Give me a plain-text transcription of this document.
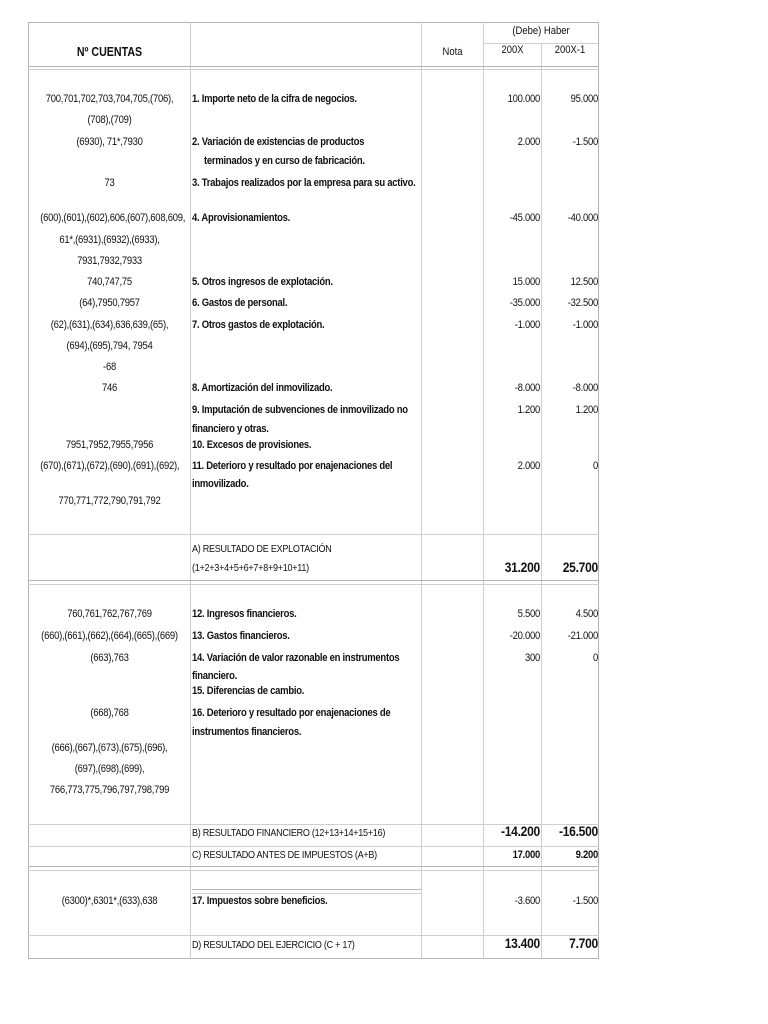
Nº CUENTAS	Nota
(Debe) Haber
200X	200X-1
700,701,702,703,704,705,(706),
(708),(709)
1. Importe neto de la cifra de negocios.	100.000	95.000
(6930), 71*,7930	2. Variación de existencias de productos
terminados y en curso de fabricación.
2.000	-1.500
73	3. Trabajos realizados por la empresa para su activo.
(600),(601),(602),606,(607),608,609,
61*,(6931),(6932),(6933),
7931,7932,7933
4. Aprovisionamientos.	-45.000	-40.000
740,747,75	5. Otros ingresos de explotación.	15.000	12.500
(64),7950,7957	6. Gastos de personal.	-35.000	-32.500
(62),(631),(634),636,639,(65),
(694),(695),794, 7954
-68
7. Otros gastos de explotación.	-1.000	-1.000
746	8. Amortización del inmovilizado.	-8.000	-8.000
9. Imputación de subvenciones de inmovilizado no
financiero y otras.
1.200	1.200
7951,7952,7955,7956	10. Excesos de provisiones.
(670),(671),(672),(690),(691),(692),
770,771,772,790,791,792
11. Deterioro y resultado por enajenaciones del
inmovilizado.
2.000	0
A) RESULTADO DE EXPLOTACIÓN
(1+2+3+4+5+6+7+8+9+10+11)	31.200	25.700
760,761,762,767,769	12. Ingresos financieros.	5.500	4.500
(660),(661),(662),(664),(665),(669) 13. Gastos financieros.	-20.000	-21.000
(663),763	14. Variación de valor razonable en instrumentos
financiero.
300	0
15. Diferencias de cambio.
(668),768	16. Deterioro y resultado por enajenaciones de
instrumentos financieros.
(666),(667),(673),(675),(696),
(697),(698),(699),
766,773,775,796,797,798,799
B) RESULTADO FINANCIERO (12+13+14+15+16)	-14.200	-16.500
C) RESULTADO ANTES DE IMPUESTOS (A+B)	17.000	9.200
(6300)*,6301*,(633),638	17. Impuestos sobre beneficios.	-3.600	-1.500
D) RESULTADO DEL EJERCICIO (C + 17)	13.400	7.700
